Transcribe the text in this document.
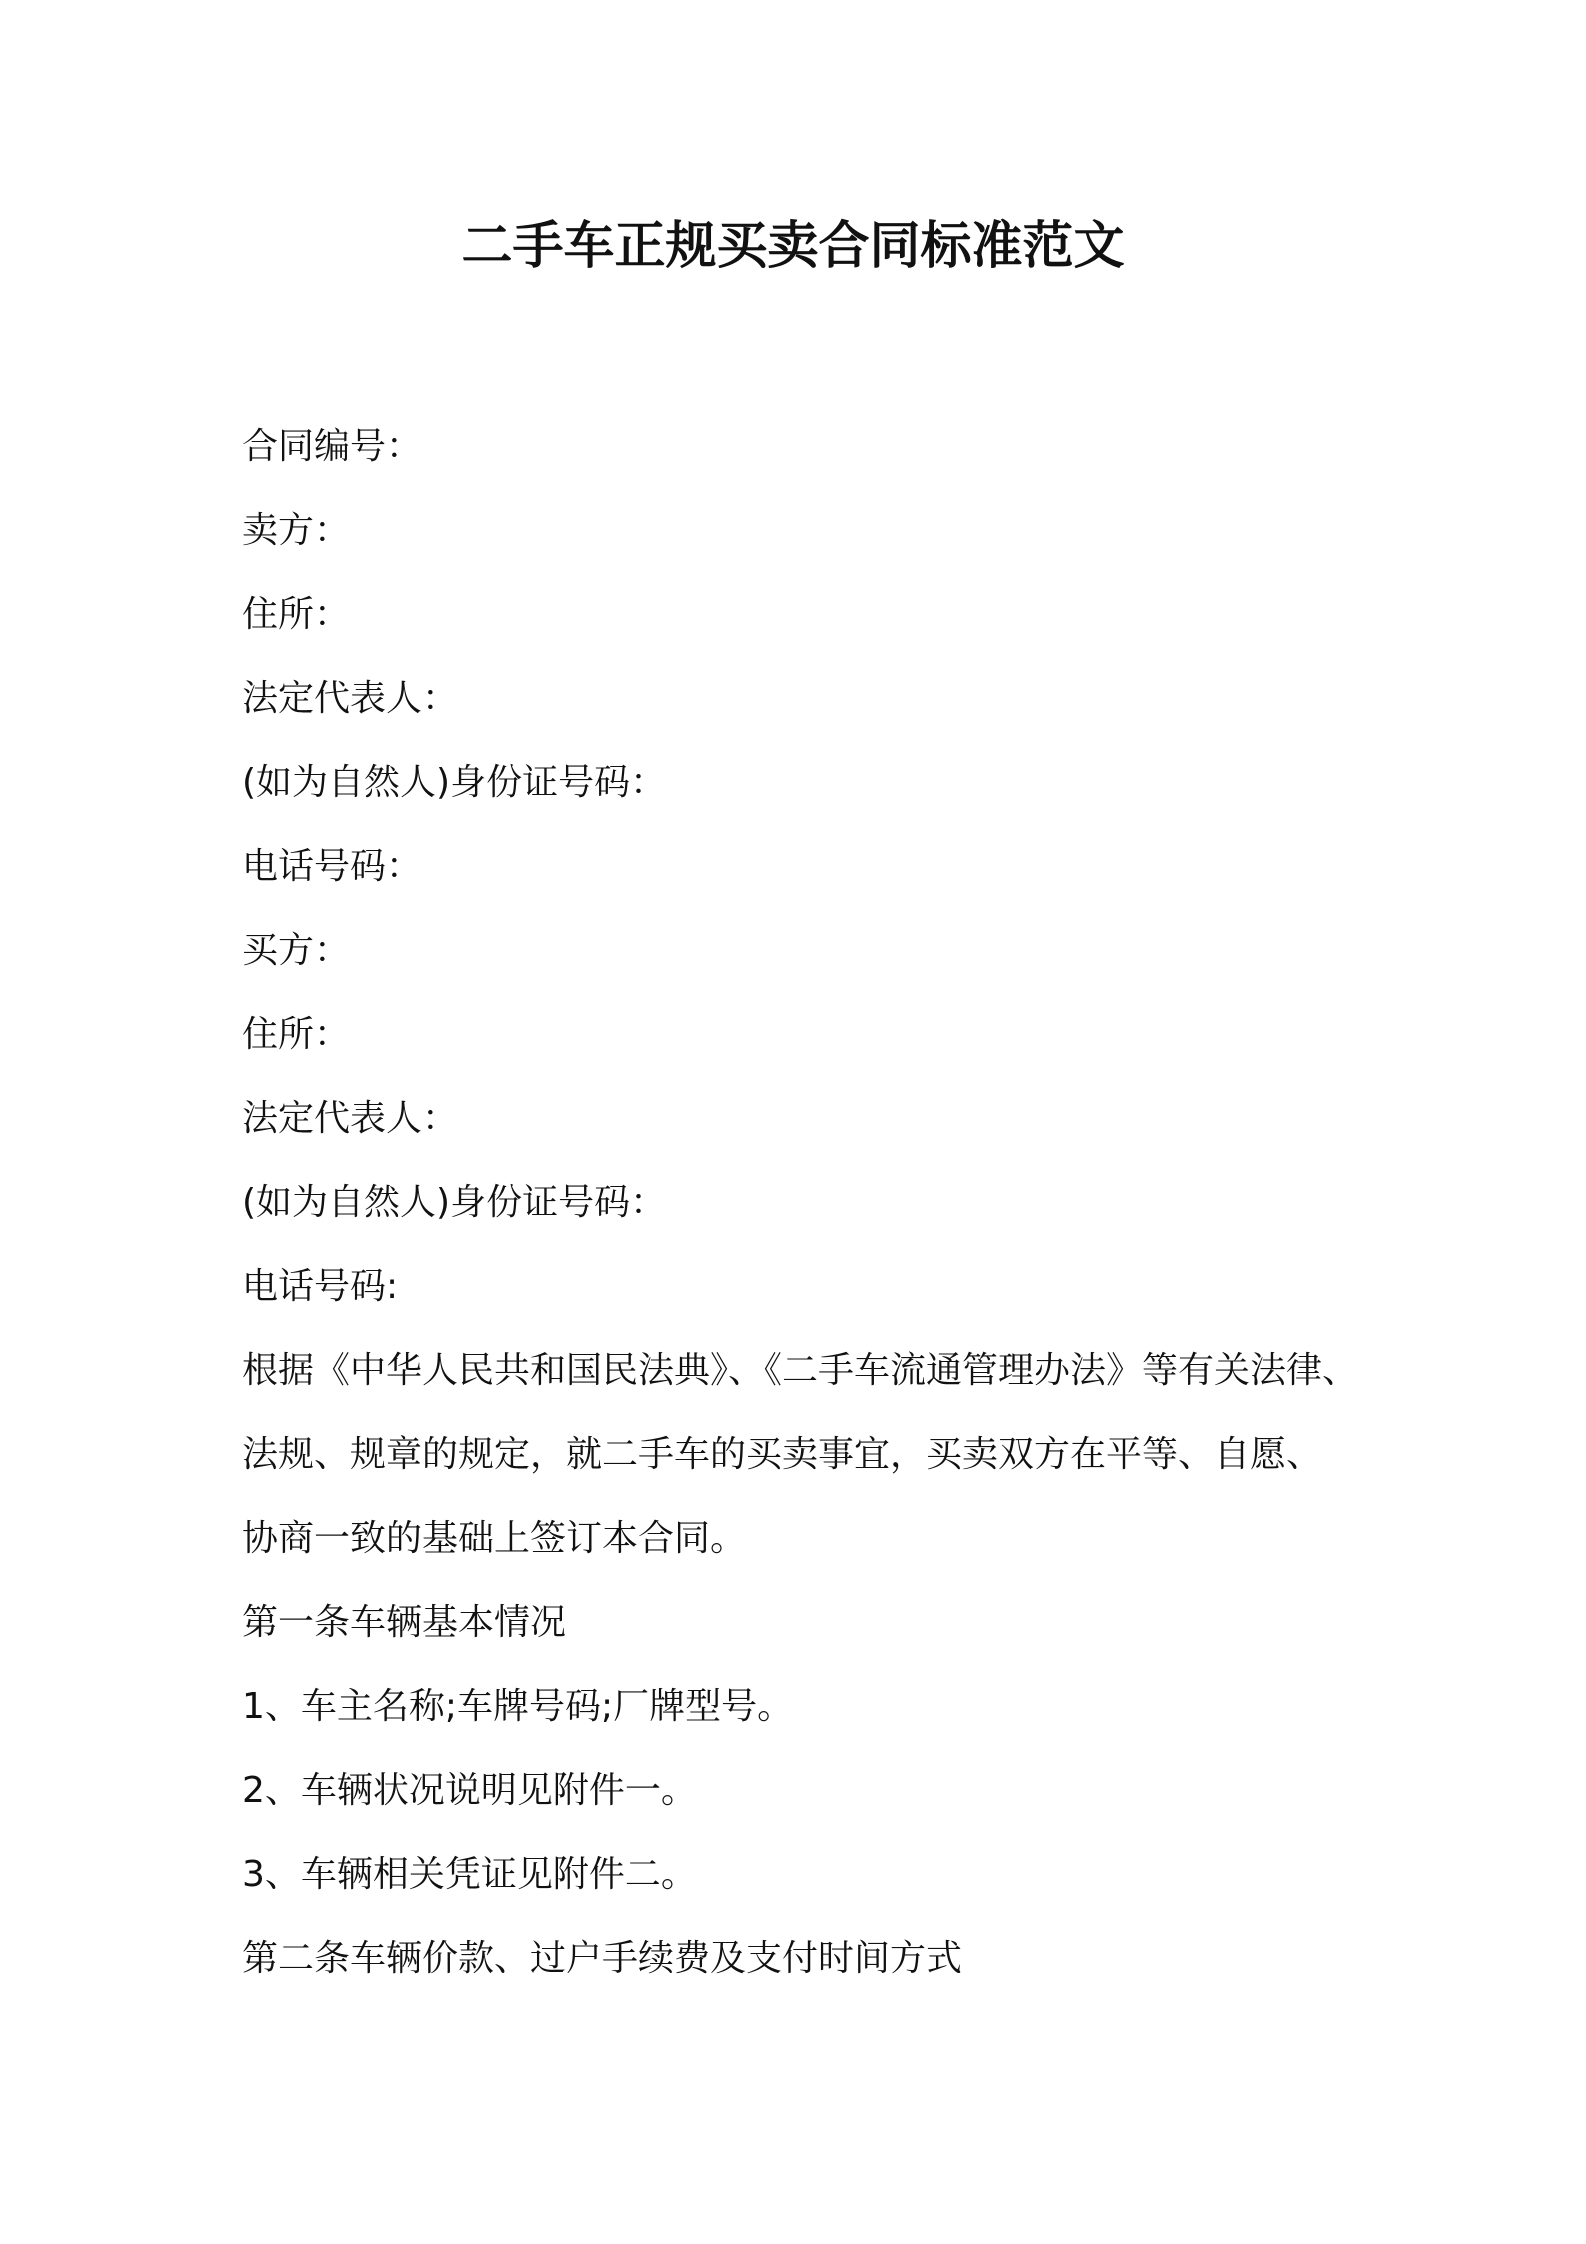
二手车正规买卖合同标准范文
合同编号：
卖方：
住所：
法定代表人：
(如为自然人)身份证号码：
电话号码：
买方：
住所：
法定代表人：
(如为自然人)身份证号码：
电话号码:
根据《中华人民共和国民法典》、《二手车流通管理办法》等有关法律、
法规、规章的规定，就二手车的买卖事宜，买卖双方在平等、自愿、
协商一致的基础上签订本合同。
第一条车辆基本情况
1、车主名称;车牌号码;厂牌型号。
2、车辆状况说明见附件一。
3、车辆相关凭证见附件二。
第二条车辆价款、过户手续费及支付时间方式
